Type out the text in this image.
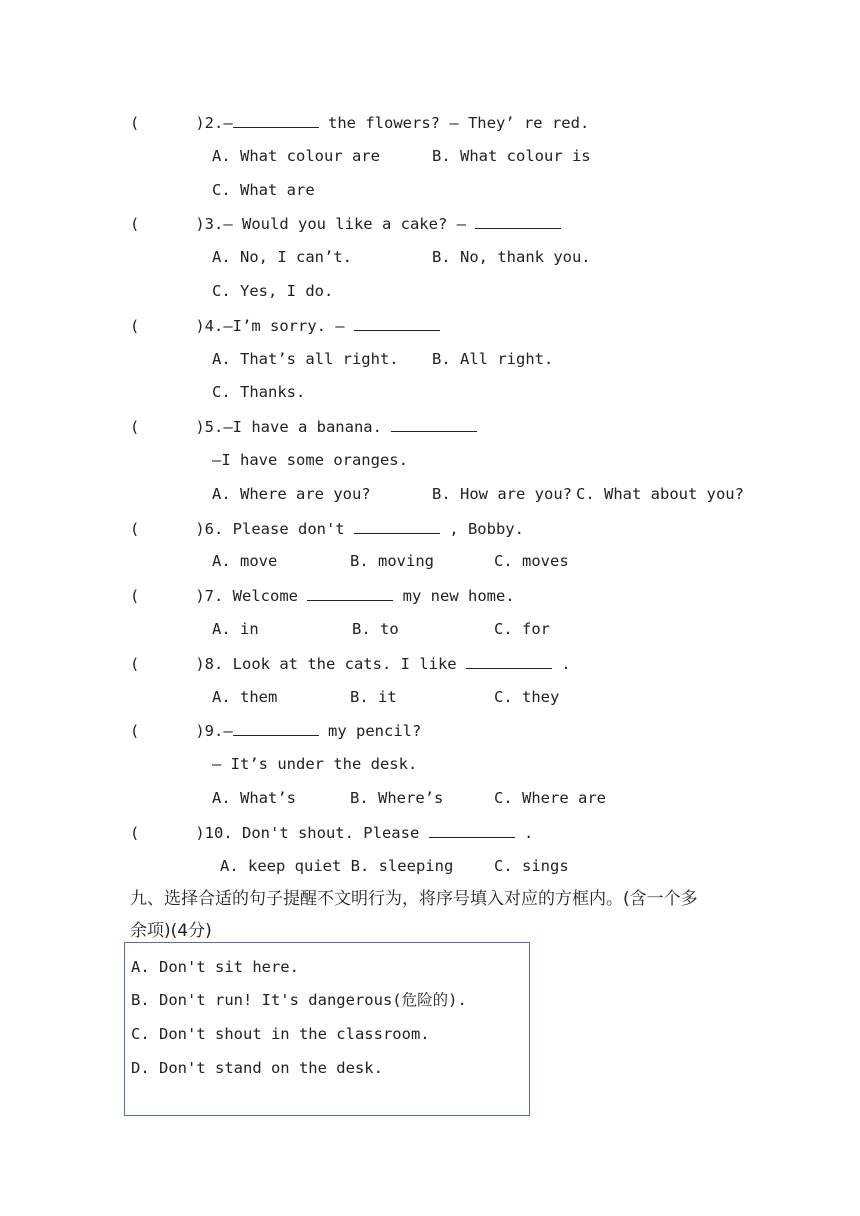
(      )2.—	the flowers? — They’ re red.
A. What colour are	B. What colour is
C. What are
(      )3.— Would you like a cake? —
A. No, I can’t.	B. No, thank you.
C. Yes, I do.
(      )4.—I’m sorry. —
A. That’s all right. B. All right.
C. Thanks.
(      )5.—I have a banana.
—I have some oranges.
A. Where are you?	B. How are you? C. What about you?
(      )6. Please don't	, Bobby.
A. move	B. moving	C. moves
(      )7. Welcome	my new home.
A. in	B. to	C. for
(      )8. Look at the cats. I like	.
A. them	B. it	C. they
(      )9.—	my pencil?
— It’s under the desk.
A. What’s	B. Where’s	C. Where are
(      )10. Don't shout. Please	.
A. keep quiet B. sleeping	C. sings
九、选择合适的句子提醒不文明行为，将序号填入对应的方框内。(含一个多
余项)(4分)
A. Don't sit here.
B. Don't run! It's dangerous(危险的).
C. Don't shout in the classroom.
D. Don't stand on the desk.
